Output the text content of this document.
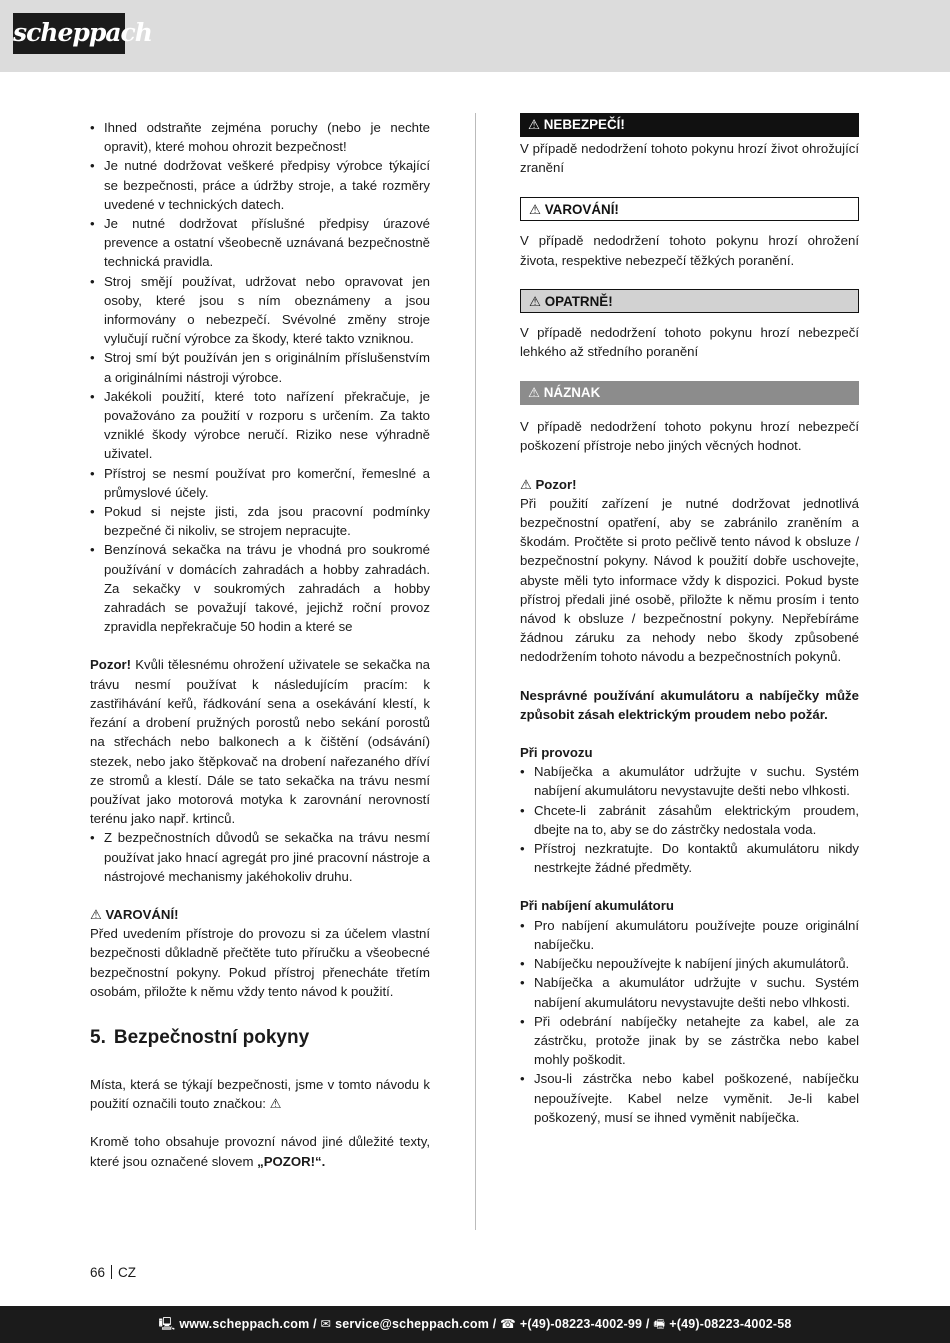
scheppach
• Ihned odstraňte zejména poruchy (nebo je nechte opravit), které mohou ohrozit bezpečnost!
• Je nutné dodržovat veškeré předpisy výrobce týkající se bezpečnosti, práce a údržby stroje, a také rozměry uvedené v technických datech.
• Je nutné dodržovat příslušné předpisy úrazové prevence a ostatní všeobecně uznávaná bezpečnostně technická pravidla.
• Stroj smějí používat, udržovat nebo opravovat jen osoby, které jsou s ním obeznámeny a jsou informovány o nebezpečí. Svévolné změny stroje vylučují ruční výrobce za škody, které takto vzniknou.
• Stroj smí být používán jen s originálním příslušenstvím a originálními nástroji výrobce.
• Jakékoli použití, které toto nařízení překračuje, je považováno za použití v rozporu s určením. Za takto vzniklé škody výrobce neručí. Riziko nese výhradně uživatel.
• Přístroj se nesmí používat pro komerční, řemeslné a průmyslové účely.
• Pokud si nejste jisti, zda jsou pracovní podmínky bezpečné či nikoliv, se strojem nepracujte.
• Benzínová sekačka na trávu je vhodná pro soukromé používání v domácích zahradách a hobby zahradách. Za sekačky v soukromých zahradách a hobby zahradách se považují takové, jejichž roční provoz zpravidla nepřekračuje 50 hodin a které se

Pozor! Kvůli tělesnému ohrožení uživatele se sekačka na trávu nesmí používat k následujícím pracím: k zastřihávání keřů, řádkování sena a osekávání klestí, k řezání a drobení pružných porostů nebo sekání porostů na střechách nebo balkonech a k čištění (odsávání) stezek, nebo jako štěpkovač na drobení nařezaného dříví ze stromů a klestí. Dále se tato sekačka na trávu nesmí používat jako motorová motyka k zarovnání nerovností terénu jako např. krtinců.

• Z bezpečnostních důvodů se sekačka na trávu nesmí používat jako hnací agregát pro jiné pracovní nástroje a nástrojové mechanismy jakéhokoliv druhu.

⚠ VAROVÁNÍ!

Před uvedením přístroje do provozu si za účelem vlastní bezpečnosti důkladně přečtěte tuto příručku a všeobecné bezpečnostní pokyny. Pokud přístroj přenecháte třetím osobám, přiložte k němu vždy tento návod k použití.

5. Bezpečnostní pokyny

Místa, která se týkají bezpečnosti, jsme v tomto návodu k použití označili touto značkou: ⚠

Kromě toho obsahuje provozní návod jiné důležité texty, které jsou označené slovem „POZOR!“.

⚠ NEBEZPEČÍ!

V případě nedodržení tohoto pokynu hrozí život ohrožující zranění

⚠ VAROVÁNÍ!

V případě nedodržení tohoto pokynu hrozí ohrožení života, respektive nebezpečí těžkých poranění.

⚠ OPATRNĚ!

V případě nedodržení tohoto pokynu hrozí nebezpečí lehkého až středního poranění

⚠ NÁZNAK

V případě nedodržení tohoto pokynu hrozí nebezpečí poškození přístroje nebo jiných věcných hodnot.

⚠ Pozor!

Při použití zařízení je nutné dodržovat jednotlivá bezpečnostní opatření, aby se zabránilo zraněním a škodám. Pročtěte si proto pečlivě tento návod k obsluze / bezpečnostní pokyny. Návod k použití dobře uschovejte, abyste měli tyto informace vždy k dispozici. Pokud byste přístroj předali jiné osobě, přiložte k němu prosím i tento návod k obsluze / bezpečnostní pokyny. Nepřebíráme žádnou záruku za nehody nebo škody způsobené nedodržením tohoto návodu a bezpečnostních pokynů.

Nesprávné používání akumulátoru a nabíječky může způsobit zásah elektrickým proudem nebo požár.

Při provozu

• Nabíječka a akumulátor udržujte v suchu. Systém nabíjení akumulátoru nevystavujte dešti nebo vlhkosti.
• Chcete-li zabránit zásahům elektrickým proudem, dbejte na to, aby se do zástrčky nedostala voda.
• Přístroj nezkratujte. Do kontaktů akumulátoru nikdy nestrkejte žádné předměty.

Při nabíjení akumulátoru

• Pro nabíjení akumulátoru používejte pouze originální nabíječku.
• Nabíječku nepoužívejte k nabíjení jiných akumulátorů.
• Nabíječka a akumulátor udržujte v suchu. Systém nabíjení akumulátoru nevystavujte dešti nebo vlhkosti.
• Při odebrání nabíječky netahejte za kabel, ale za zástrčku, protože jinak by se zástrčka nebo kabel mohly poškodit.
• Jsou-li zástrčka nebo kabel poškozené, nabíječku nepoužívejte. Kabel nelze vyměnit. Je-li kabel poškozený, musí se ihned vyměnit nabíječka.
66 CZ
🖳 www.scheppach.com / ✉ service@scheppach.com / ☎ +(49)-08223-4002-99 / 🖷 +(49)-08223-4002-58
